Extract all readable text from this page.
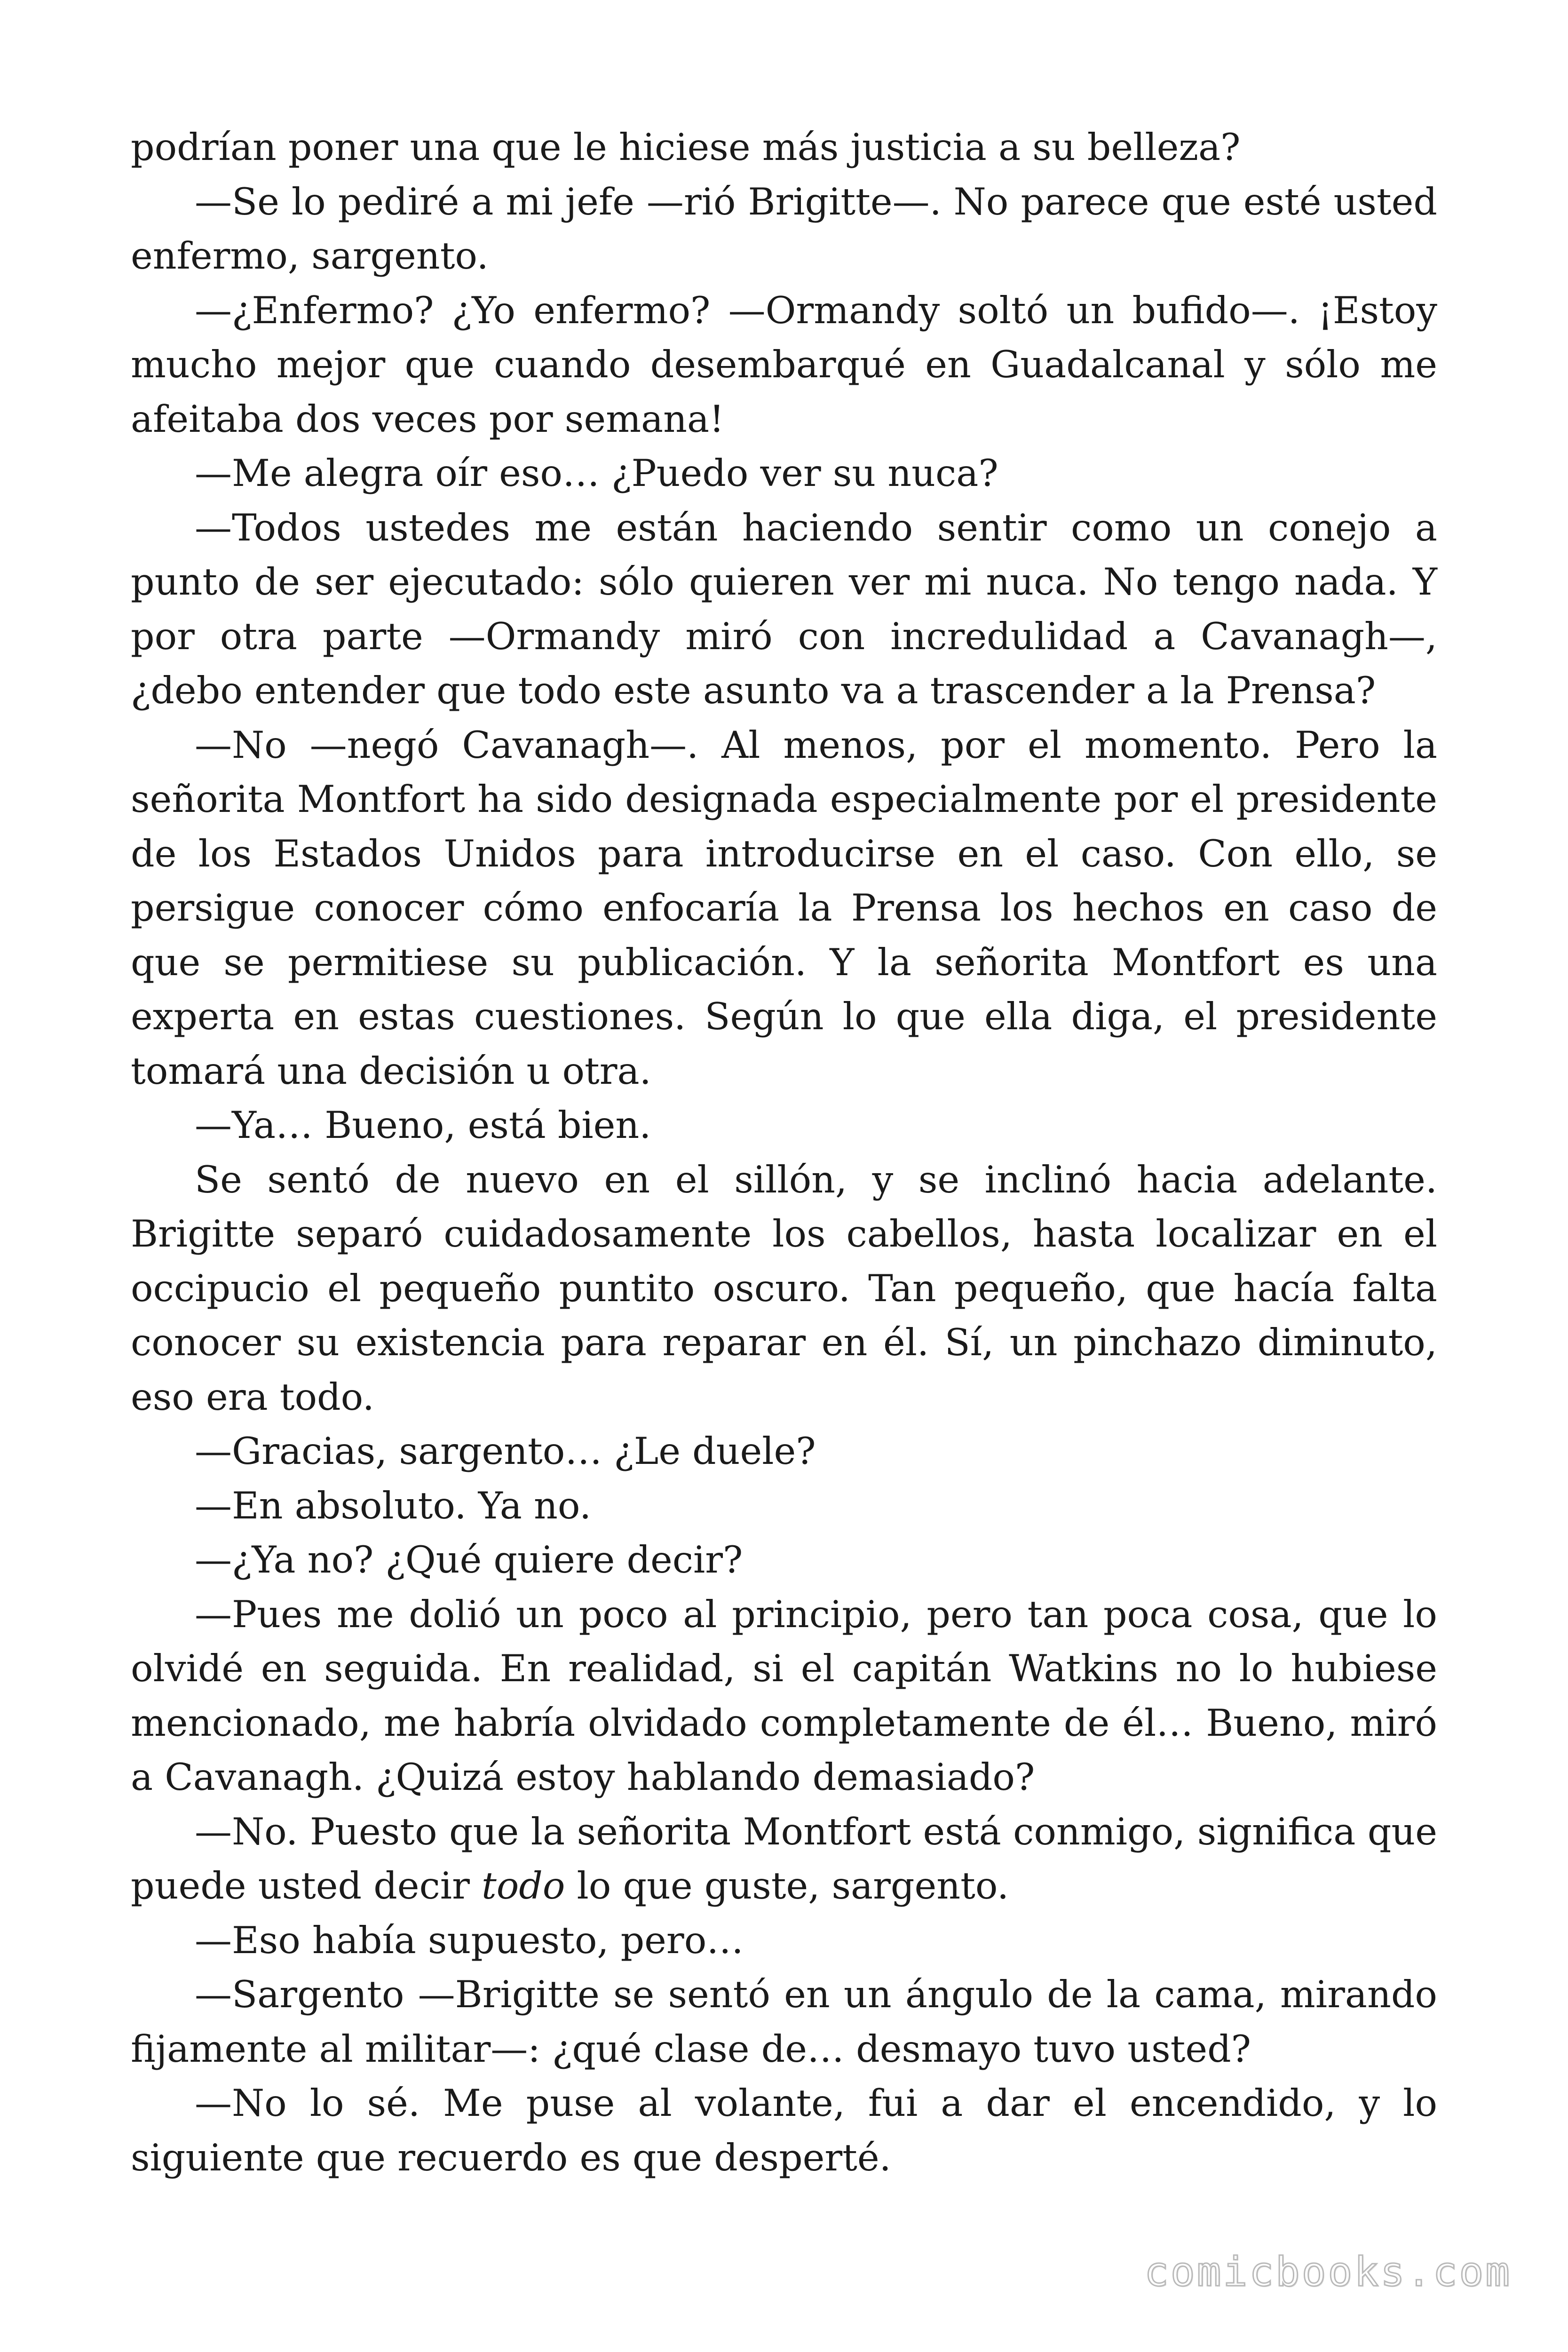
podrían poner una que le hiciese más justicia a su belleza?

—Se lo pediré a mi jefe —rió Brigitte—. No parece que esté usted enfermo, sargento.

—¿Enfermo? ¿Yo enfermo? —Ormandy soltó un bufido—. ¡Estoy mucho mejor que cuando desembarqué en Guadalcanal y sólo me afeitaba dos veces por semana!

—Me alegra oír eso… ¿Puedo ver su nuca?

—Todos ustedes me están haciendo sentir como un conejo a punto de ser ejecutado: sólo quieren ver mi nuca. No tengo nada. Y por otra parte —Ormandy miró con incredulidad a Cavanagh—, ¿debo entender que todo este asunto va a trascender a la Prensa?

—No —negó Cavanagh—. Al menos, por el momento. Pero la señorita Montfort ha sido designada especialmente por el presidente de los Estados Unidos para introducirse en el caso. Con ello, se persigue conocer cómo enfocaría la Prensa los hechos en caso de que se permitiese su publicación. Y la señorita Montfort es una experta en estas cuestiones. Según lo que ella diga, el presidente tomará una decisión u otra.

—Ya… Bueno, está bien.

Se sentó de nuevo en el sillón, y se inclinó hacia adelante. Brigitte separó cuidadosamente los cabellos, hasta localizar en el occipucio el pequeño puntito oscuro. Tan pequeño, que hacía falta conocer su existencia para reparar en él. Sí, un pinchazo diminuto, eso era todo.

—Gracias, sargento… ¿Le duele?

—En absoluto. Ya no.

—¿Ya no? ¿Qué quiere decir?

—Pues me dolió un poco al principio, pero tan poca cosa, que lo olvidé en seguida. En realidad, si el capitán Watkins no lo hubiese mencionado, me habría olvidado completamente de él… Bueno, miró a Cavanagh. ¿Quizá estoy hablando demasiado?

—No. Puesto que la señorita Montfort está conmigo, significa que puede usted decir todo lo que guste, sargento.

—Eso había supuesto, pero…

—Sargento —Brigitte se sentó en un ángulo de la cama, mirando fijamente al militar—: ¿qué clase de… desmayo tuvo usted?

—No lo sé. Me puse al volante, fui a dar el encendido, y lo siguiente que recuerdo es que desperté.

comicbooks.com
